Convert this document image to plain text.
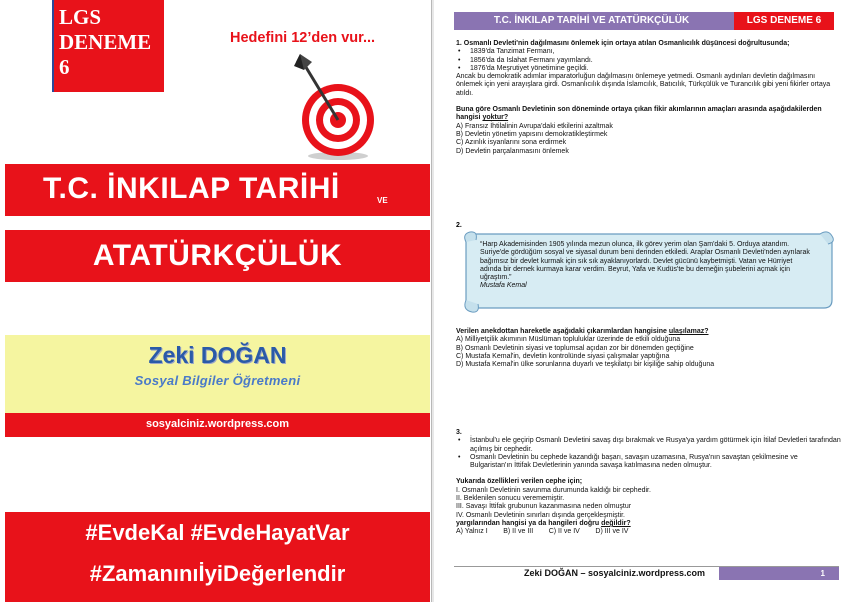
LGS
DENEME
6
Hedefini 12’den vur...
T.C. İNKILAP TARİHİ	VE
ATATÜRKÇÜLÜK
Zeki DOĞAN
Sosyal Bilgiler Öğretmeni
sosyalciniz.wordpress.com
#EvdeKal #EvdeHayatVar
#ZamanınıİyiDeğerlendir
T.C. İNKILAP TARİHİ VE ATATÜRKÇÜLÜK	LGS DENEME 6
1. Osmanlı Devleti'nin dağılmasını önlemek için ortaya atılan Osmanlıcılık düşüncesi doğrultusunda;
• 1839'da Tanzimat Fermanı,
• 1856'da da Islahat Fermanı yayımlandı.
• 1876'da Meşrutiyet yönetimine geçildi.
Ancak bu demokratik adımlar imparatorluğun dağılmasını önlemeye yetmedi. Osmanlı aydınları devletin dağılmasını önlemek için yeni arayışlara girdi. Osmanlıcılık dışında İslamcılık, Batıcılık, Türkçülük ve Turancılık gibi yeni fikirler ortaya atıldı.
Buna göre Osmanlı Devletinin son döneminde ortaya çıkan fikir akımlarının amaçları arasında aşağıdakilerden hangisi yoktur?
A) Fransız İhtilalinin Avrupa'daki etkilerini azaltmak
B) Devletin yönetim yapısını demokratikleştirmek
C) Azınlık isyanlarını sona erdirmek
D) Devletin parçalanmasını önlemek
2.
“Harp Akademisinden 1905 yılında mezun olunca, ilk görev yerim olan Şam'daki 5. Orduya atandım. Suriye'de gördüğüm sosyal ve siyasal durum beni derinden etkiledi. Araplar Osmanlı Devleti'nden ayrılarak bağımsız bir devlet kurmak için sık sık ayaklanıyorlardı. Devlet gücünü kaybetmişti. Vatan ve Hürriyet adında bir dernek kurmaya karar verdim. Beyrut, Yafa ve Kudüs'te bu derneğin şubelerini açmak için uğraştım.”
Mustafa Kemal
Verilen anekdottan hareketle aşağıdaki çıkarımlardan hangisine ulaşılamaz?
A) Milliyetçilik akımının Müslüman topluluklar üzerinde de etkili olduğuna
B) Osmanlı Devletinin siyasi ve toplumsal açıdan zor bir dönemden geçtiğine
C) Mustafa Kemal'in, devletin kontrolünde siyasi çalışmalar yaptığına
D) Mustafa Kemal'in ülke sorunlarına duyarlı ve teşkilatçı bir kişiliğe sahip olduğuna
3.
• İstanbul'u ele geçirip Osmanlı Devletini savaş dışı bırakmak ve Rusya'ya yardım götürmek için İtilaf Devletleri tarafından açılmış bir cephedir.
• Osmanlı Devletinin bu cephede kazandığı başarı, savaşın uzamasına, Rusya'nın savaştan çekilmesine ve Bulgaristan'ın İttifak Devletlerinin yanında savaşa katılmasına neden olmuştur.
Yukarıda özellikleri verilen cephe için;
I. Osmanlı Devletinin savunma durumunda kaldığı bir cephedir.
II. Beklenilen sonucu verememiştir.
III. Savaşı İttifak grubunun kazanmasına neden olmuştur
IV. Osmanlı Devletinin sınırları dışında gerçekleşmiştir.
yargılarından hangisi ya da hangileri doğru değildir?
A) Yalnız I        B) II ve III        C) II ve IV        D) III ve IV
Zeki DOĞAN – sosyalciniz.wordpress.com	1
